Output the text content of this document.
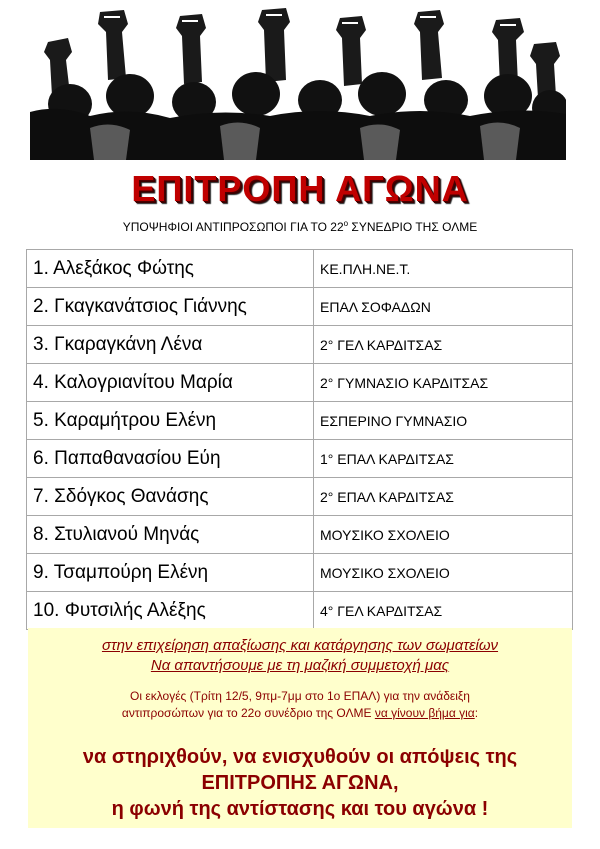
ΕΠΙΤΡΟΠΗ ΑΓΩΝΑ
ΥΠΟΨΗΦΙΟΙ ΑΝΤΙΠΡΟΣΩΠΟΙ ΓΙΑ ΤΟ $22^o$ ΣΥΝΕΔΡΙΟ ΤΗΣ ΟΛΜΕ
1. Αλεξάκος Φώτης	ΚΕ.ΠΛΗ.ΝΕ.Τ.
2. Γκαγκανάτσιος Γιάννης	ΕΠΑΛ ΣΟΦΑΔΩΝ
3. Γκαραγκάνη Λένα	2° ΓΕΛ ΚΑΡΔΙΤΣΑΣ
4. Καλογριανίτου Μαρία	2° ΓΥΜΝΑΣΙΟ ΚΑΡΔΙΤΣΑΣ
5. Καραμήτρου Ελένη	ΕΣΠΕΡΙΝΟ ΓΥΜΝΑΣΙΟ
6. Παπαθανασίου Εύη	1° ΕΠΑΛ ΚΑΡΔΙΤΣΑΣ
7. Σδόγκος Θανάσης	2° ΕΠΑΛ ΚΑΡΔΙΤΣΑΣ
8. Στυλιανού Μηνάς	ΜΟΥΣΙΚΟ ΣΧΟΛΕΙΟ
9. Τσαμπούρη Ελένη	ΜΟΥΣΙΚΟ ΣΧΟΛΕΙΟ
10. Φυτσιλής Αλέξης	4° ΓΕΛ ΚΑΡΔΙΤΣΑΣ
στην επιχείρηση απαξίωσης και κατάργησης των σωματείων
Να απαντήσουμε με τη μαζική συμμετοχή μας
Οι εκλογές (Τρίτη 12/5, 9πμ-7μμ στο 1ο ΕΠΑΛ) για την ανάδειξη
αντιπροσώπων για το 22ο συνέδριο της ΟΛΜΕ να γίνουν βήμα για:
να στηριχθούν, να ενισχυθούν οι απόψεις της
ΕΠΙΤΡΟΠΗΣ ΑΓΩΝΑ,
η φωνή της αντίστασης και του αγώνα !
